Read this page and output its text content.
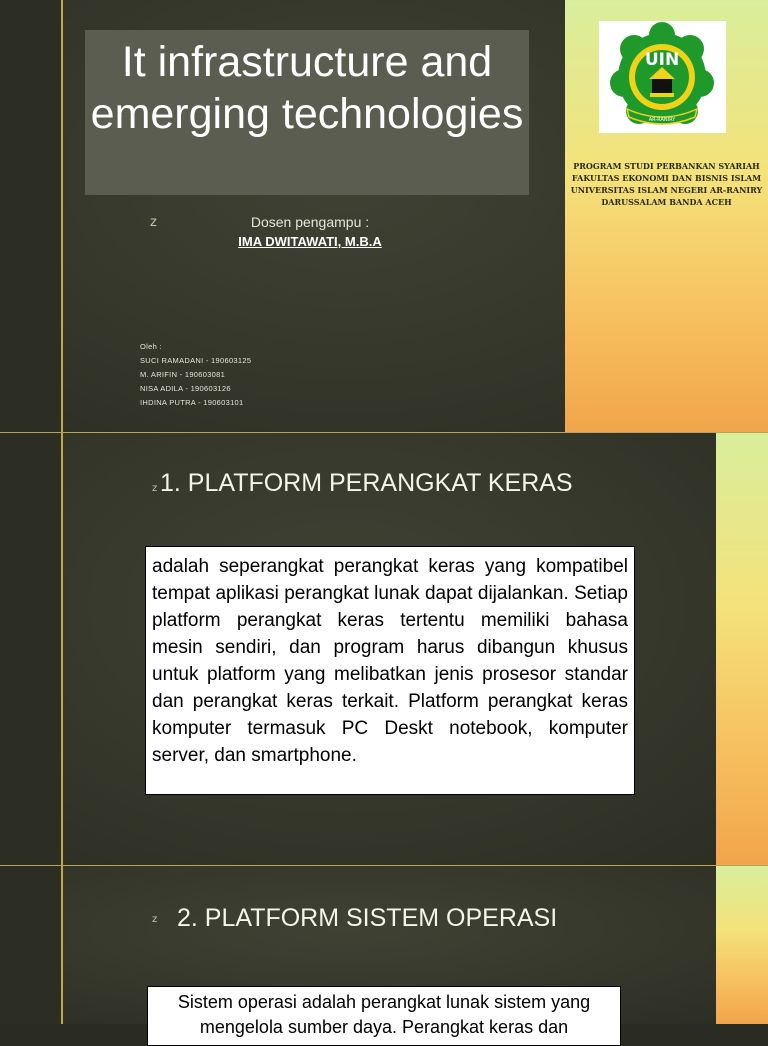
It infrastructure and emerging technologies
z	Dosen pengampu :
IMA DWITAWATI, M.B.A
Oleh :
SUCI RAMADANI - 190603125
M. ARIFIN - 190603081
NISA ADILA - 190603126
IHDINA PUTRA - 190603101
UIN
AR-RANIRY
PROGRAM STUDI PERBANKAN SYARIAH FAKULTAS EKONOMI DAN BISNIS ISLAM UNIVERSITAS ISLAM NEGERI AR-RANIRY DARUSSALAM BANDA ACEH
z 1. PLATFORM PERANGKAT KERAS
adalah seperangkat perangkat keras yang kompatibel tempat aplikasi perangkat lunak dapat dijalankan. Setiap platform perangkat keras tertentu memiliki bahasa mesin sendiri, dan program harus dibangun khusus untuk platform yang melibatkan jenis prosesor standar dan perangkat keras terkait. Platform perangkat keras komputer termasuk PC Deskt notebook, komputer server, dan smartphone.
z 2. PLATFORM SISTEM OPERASI
Sistem operasi adalah perangkat lunak sistem yang mengelola sumber daya. Perangkat keras dan
